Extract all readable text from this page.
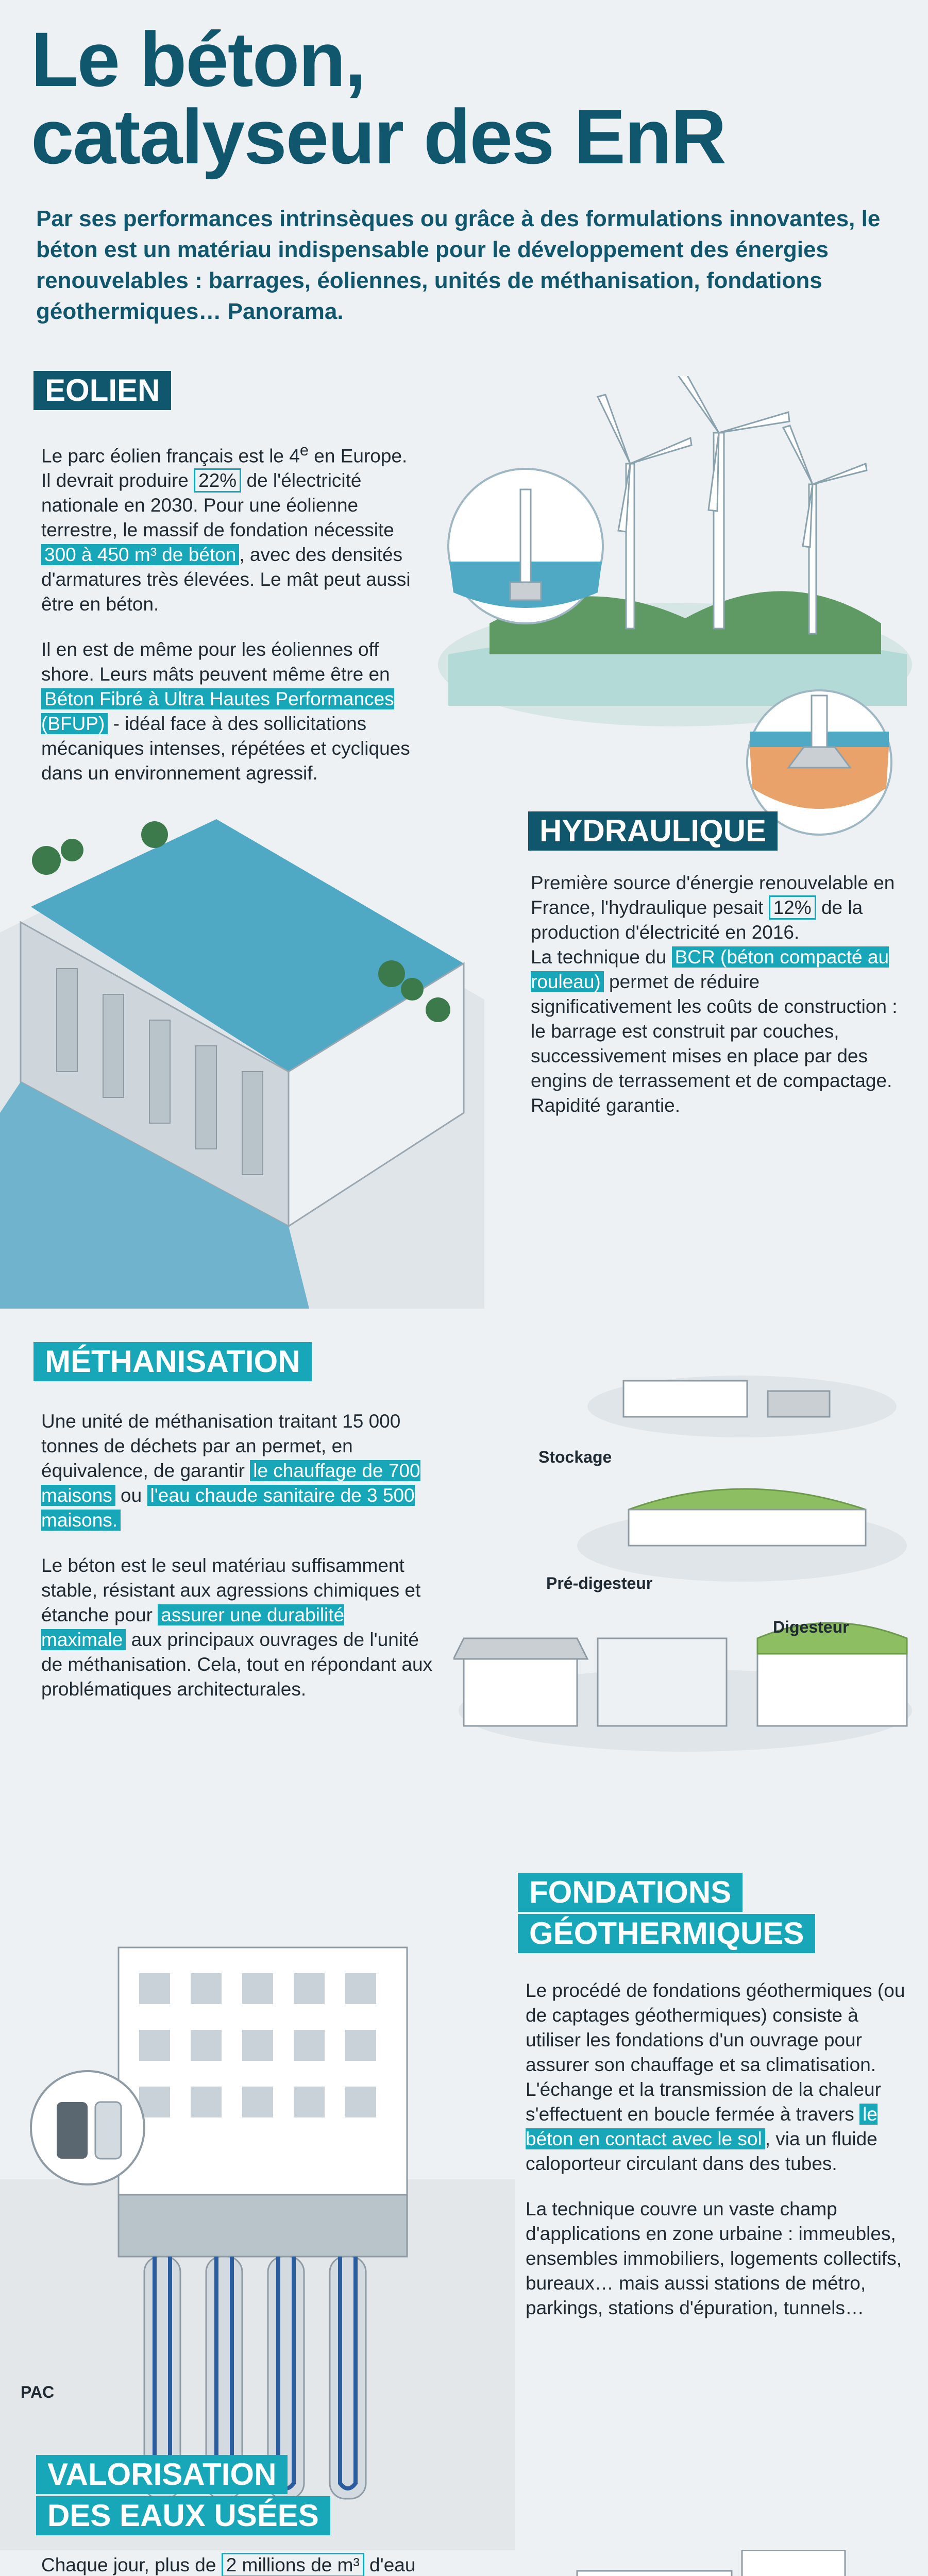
Le béton,
catalyseur des EnR
Par ses performances intrinsèques ou grâce à des formulations innovantes, le béton est un matériau indispensable pour le développement des énergies renouvelables : barrages, éoliennes, unités de méthanisation, fondations géothermiques… Panorama.
EOLIEN

Le parc éolien français est le 4e en Europe. Il devrait produire 22% de l'électricité nationale en 2030. Pour une éolienne terrestre, le massif de fondation nécessite 300 à 450 m³ de béton , avec des densités d'armatures très élevées. Le mât peut aussi être en béton.

Il en est de même pour les éoliennes off shore. Leurs mâts peuvent même être en Béton Fibré à Ultra Hautes Performances (BFUP) - idéal face à des sollicitations mécaniques intenses, répétées et cycliques dans un environnement agressif.

HYDRAULIQUE

Première source d'énergie renouvelable en France, l'hydraulique pesait 12% de la production d'électricité en 2016.

La technique du BCR (béton compacté au rouleau) permet de réduire significativement les coûts de construction : le barrage est construit par couches, successivement mises en place par des engins de terrassement et de compactage. Rapidité garantie.

MÉTHANISATION

Une unité de méthanisation traitant 15 000 tonnes de déchets par an permet, en équivalence, de garantir le chauffage de 700 maisons ou l'eau chaude sanitaire de 3 500 maisons.

Le béton est le seul matériau suffisamment stable, résistant aux agressions chimiques et étanche pour assurer une durabilité maximale aux principaux ouvrages de l'unité de méthanisation. Cela, tout en répondant aux problématiques architecturales.

Stockage
Pré-digesteur
Digesteur
FONDATIONS
GÉOTHERMIQUES

Le procédé de fondations géothermiques (ou de captages géothermiques) consiste à utiliser les fondations d'un ouvrage pour assurer son chauffage et sa climatisation. L'échange et la transmission de la chaleur s'effectuent en boucle fermée à travers le béton en contact avec le sol , via un fluide caloporteur circulant dans des tubes.

La technique couvre un vaste champ d'applications en zone urbaine : immeubles, ensembles immobiliers, logements collectifs, bureaux… mais aussi stations de métro, parkings, stations d'épuration, tunnels…

PAC
VALORISATION
DES EAUX USÉES

Chaque jour, plus de 2 millions de m³ d'eau
